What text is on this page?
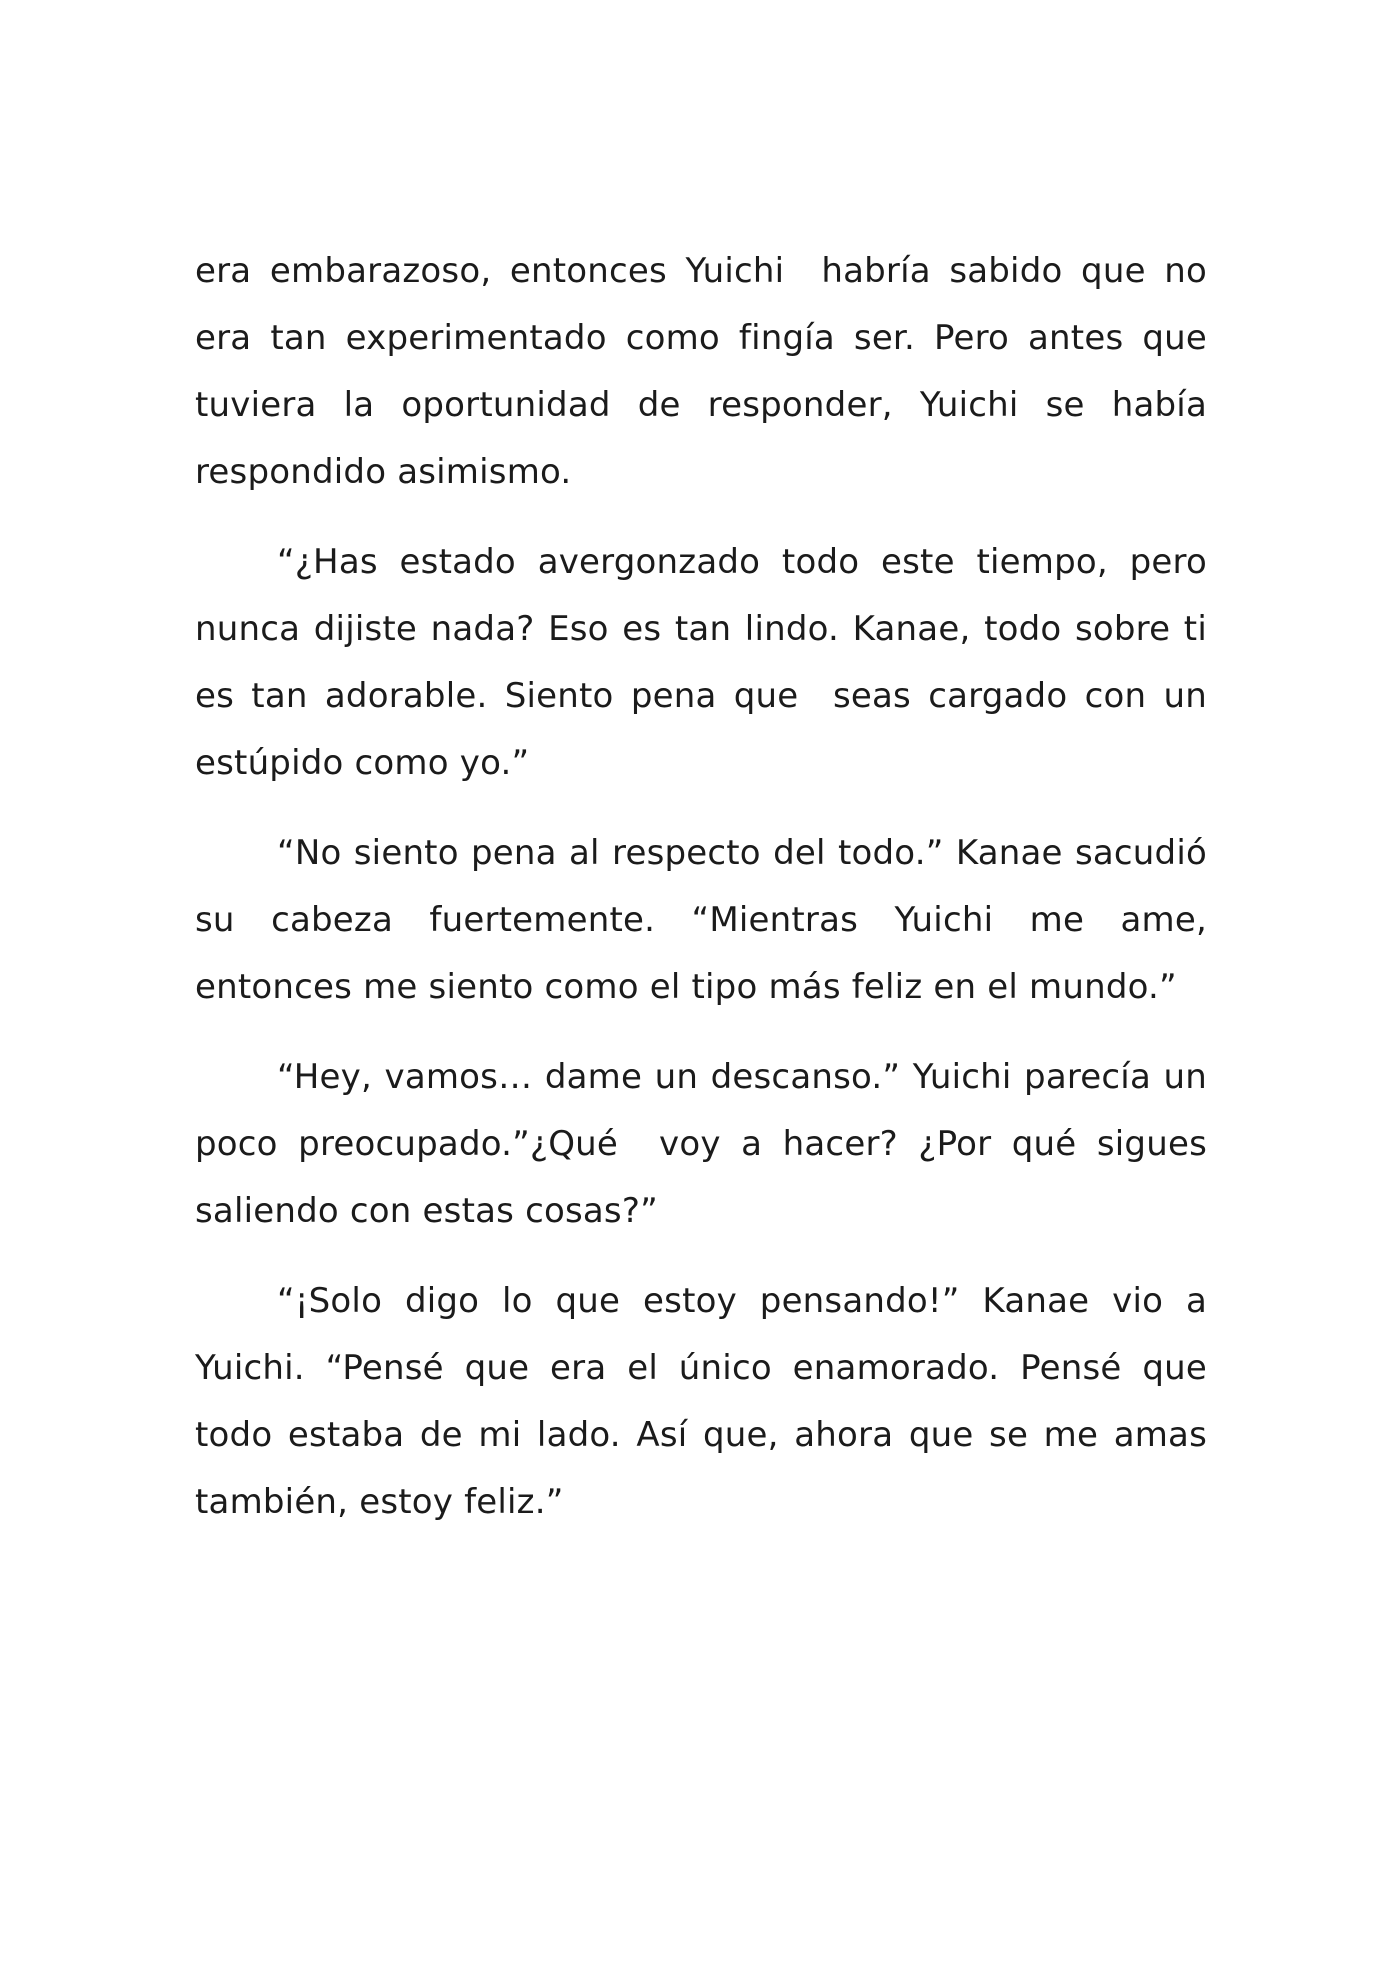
era embarazoso, entonces Yuichi  habría sabido que no era tan experimentado como fingía ser. Pero antes que tuviera la oportunidad de responder, Yuichi se había respondido asimismo.

“¿Has estado avergonzado todo este tiempo, pero nunca dijiste nada? Eso es tan lindo. Kanae, todo sobre ti es tan adorable. Siento pena que  seas cargado con un estúpido como yo.”

“No siento pena al respecto del todo.” Kanae sacudió su cabeza fuertemente. “Mientras Yuichi me ame, entonces me siento como el tipo más feliz en el mundo.”

“Hey, vamos… dame un descanso.” Yuichi parecía un poco preocupado.”¿Qué  voy a hacer? ¿Por qué sigues saliendo con estas cosas?”

“¡Solo digo lo que estoy pensando!” Kanae vio a Yuichi. “Pensé que era el único enamorado. Pensé que todo estaba de mi lado. Así que, ahora que se me amas también, estoy feliz.”
